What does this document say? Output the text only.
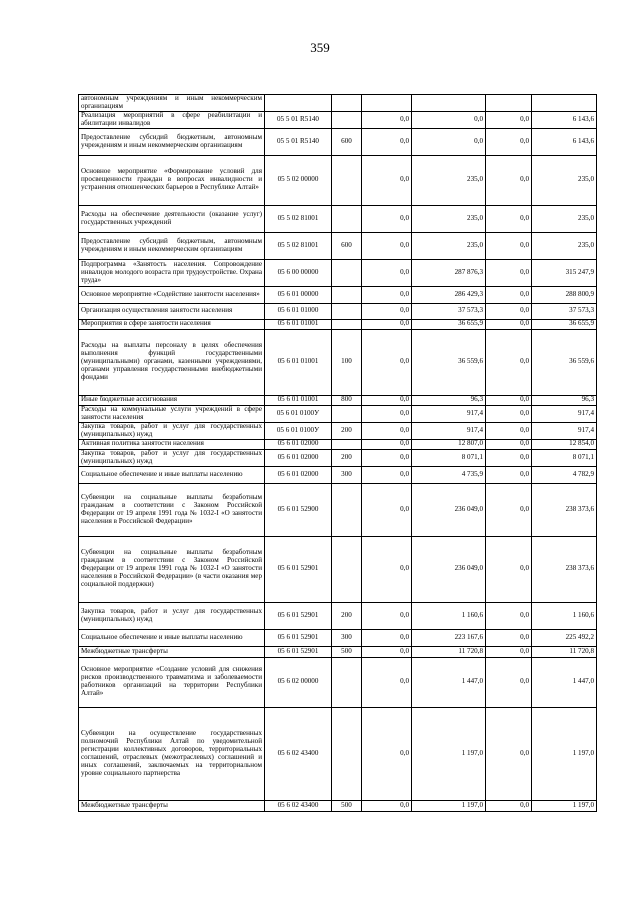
359
автономным учреждениям и иным некоммерческим организациям						
Реализация мероприятий в сфере реабилитации и абилитации инвалидов	05 5 01 R5140		0,0	0,0	0,0	6 143,6
Предоставление субсидий бюджетным, автономным учреждениям и иным некоммерческим организациям	05 5 01 R5140	600	0,0	0,0	0,0	6 143,6
Основное мероприятие «Формирование условий для просвещенности граждан в вопросах инвалидности и устранения отношенческих барьеров в Республике Алтай»	05 5 02 00000		0,0	235,0	0,0	235,0
Расходы на обеспечение деятельности (оказание услуг) государственных учреждений	05 5 02 81001		0,0	235,0	0,0	235,0
Предоставление субсидий бюджетным, автономным учреждениям и иным некоммерческим организациям	05 5 02 81001	600	0,0	235,0	0,0	235,0
Подпрограмма «Занятость населения. Сопровождение инвалидов молодого возраста при трудоустройстве. Охрана труда»	05 6 00 00000		0,0	287 876,3	0,0	315 247,9
Основное мероприятие «Содействие занятости населения»	05 6 01 00000		0,0	286 429,3	0,0	288 800,9
Организация осуществления занятости населения	05 6 01 01000		0,0	37 573,3	0,0	37 573,3
Мероприятия в сфере занятости населения	05 6 01 01001		0,0	36 655,9	0,0	36 655,9
Расходы на выплаты персоналу в целях обеспечения выполнения функций государственными (муниципальными) органами, казенными учреждениями, органами управления государственными внебюджетными фондами	05 6 01 01001	100	0,0	36 559,6	0,0	36 559,6
Иные бюджетные ассигнования	05 6 01 01001	800	0,0	96,3	0,0	96,3
Расходы на коммунальные услуги учреждений в сфере занятости населения	05 6 01 0100У		0,0	917,4	0,0	917,4
Закупка товаров, работ и услуг для государственных (муниципальных) нужд	05 6 01 0100У	200	0,0	917,4	0,0	917,4
Активная политика занятости населения	05 6 01 02000		0,0	12 807,0	0,0	12 854,0
Закупка товаров, работ и услуг для государственных (муниципальных) нужд	05 6 01 02000	200	0,0	8 071,1	0,0	8 071,1
Социальное обеспечение и иные выплаты населению	05 6 01 02000	300	0,0	4 735,9	0,0	4 782,9
Субвенции на социальные выплаты безработным гражданам в соответствии с Законом Российской Федерации от 19 апреля 1991 года № 1032-I «О занятости населения в Российской Федерации»	05 6 01 52900		0,0	236 049,0	0,0	238 373,6
Субвенции на социальные выплаты безработным гражданам в соответствии с Законом Российской Федерации от 19 апреля 1991 года № 1032-I «О занятости населения в Российской Федерации» (в части оказания мер социальной поддержки)	05 6 01 52901		0,0	236 049,0	0,0	238 373,6
Закупка товаров, работ и услуг для государственных (муниципальных) нужд	05 6 01 52901	200	0,0	1 160,6	0,0	1 160,6
Социальное обеспечение и иные выплаты населению	05 6 01 52901	300	0,0	223 167,6	0,0	225 492,2
Межбюджетные трансферты	05 6 01 52901	500	0,0	11 720,8	0,0	11 720,8
Основное мероприятие «Создание условий для снижения рисков производственного травматизма и заболеваемости работников организаций на территории Республики Алтай»	05 6 02 00000		0,0	1 447,0	0,0	1 447,0
Субвенции на осуществление государственных полномочий Республики Алтай по уведомительной регистрации коллективных договоров, территориальных соглашений, отраслевых (межотраслевых) соглашений и иных соглашений, заключаемых на территориальном уровне социального партнерства	05 6 02 43400		0,0	1 197,0	0,0	1 197,0
Межбюджетные трансферты	05 6 02 43400	500	0,0	1 197,0	0,0	1 197,0
